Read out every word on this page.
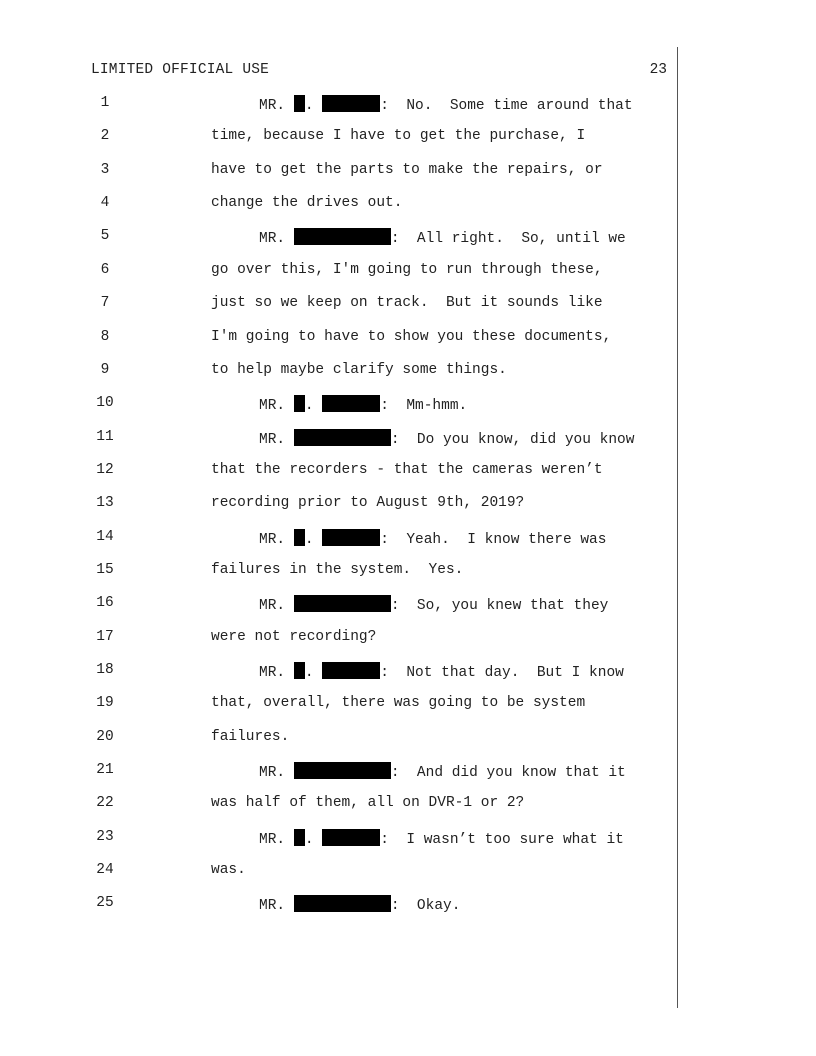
LIMITED OFFICIAL USE	23
1	MR. .	:  No.  Some time around that
2	time, because I have to get the purchase, I
3	have to get the parts to make the repairs, or
4	change the drives out.
5	MR.	:  All right.  So, until we
6	go over this, I'm going to run through these,
7	just so we keep on track.  But it sounds like
8	I'm going to have to show you these documents,
9	to help maybe clarify some things.
10	MR. .	:  Mm-hmm.
11	MR.	:  Do you know, did you know
12	that the recorders - that the cameras weren’t
13	recording prior to August 9th, 2019?
14	MR. .	:  Yeah.  I know there was
15	failures in the system.  Yes.
16	MR.	:  So, you knew that they
17	were not recording?
18	MR. .	:  Not that day.  But I know
19	that, overall, there was going to be system
20	failures.
21	MR.	:  And did you know that it
22	was half of them, all on DVR-1 or 2?
23	MR. .	:  I wasn’t too sure what it
24	was.
25	MR.	:  Okay.
